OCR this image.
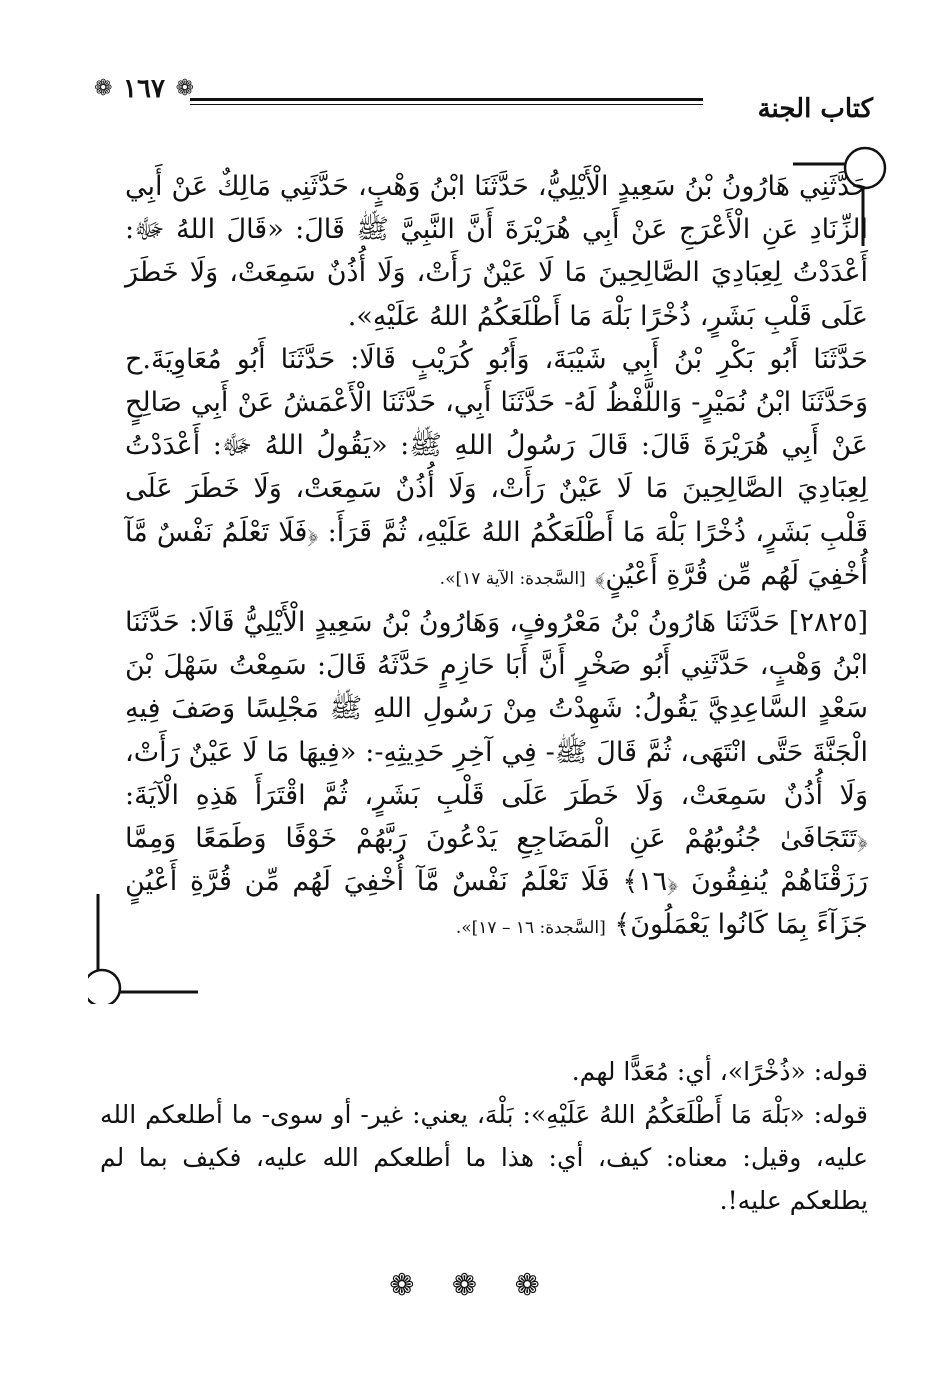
كتاب الجنة
❁ ١٦٧ ❁

حَدَّثَنِي هَارُونُ بْنُ سَعِيدٍ الْأَيْلِيُّ، حَدَّثَنَا ابْنُ وَهْبٍ، حَدَّثَنِي مَالِكٌ عَنْ أَبِي الزِّنَادِ عَنِ الْأَعْرَجِ عَنْ أَبِي هُرَيْرَةَ أَنَّ النَّبِيَّ ﷺ قَالَ: «قَالَ اللهُ ﷻ: أَعْدَدْتُ لِعِبَادِيَ الصَّالِحِينَ مَا لَا عَيْنٌ رَأَتْ، وَلَا أُذُنٌ سَمِعَتْ، وَلَا خَطَرَ عَلَى قَلْبِ بَشَرٍ، ذُخْرًا بَلْهَ مَا أَطْلَعَكُمُ اللهُ عَلَيْهِ».

حَدَّثَنَا أَبُو بَكْرِ بْنُ أَبِي شَيْبَةَ، وَأَبُو كُرَيْبٍ قَالَا: حَدَّثَنَا أَبُو مُعَاوِيَةَ.ح وَحَدَّثَنَا ابْنُ نُمَيْرٍ- وَاللَّفْظُ لَهُ- حَدَّثَنَا أَبِي، حَدَّثَنَا الْأَعْمَشُ عَنْ أَبِي صَالِحٍ عَنْ أَبِي هُرَيْرَةَ قَالَ: قَالَ رَسُولُ اللهِ ﷺ: «يَقُولُ اللهُ ﷻ: أَعْدَدْتُ لِعِبَادِيَ الصَّالِحِينَ مَا لَا عَيْنٌ رَأَتْ، وَلَا أُذُنٌ سَمِعَتْ، وَلَا خَطَرَ عَلَى قَلْبِ بَشَرٍ، ذُخْرًا بَلْهَ مَا أَطْلَعَكُمُ اللهُ عَلَيْهِ، ثُمَّ قَرَأَ: ﴿فَلَا تَعْلَمُ نَفْسٌ مَّآ أُخْفِيَ لَهُم مِّن قُرَّةِ أَعْيُنٍ﴾ [السَّجدة: الآية ١٧]».

[٢٨٢٥] حَدَّثَنَا هَارُونُ بْنُ مَعْرُوفٍ، وَهَارُونُ بْنُ سَعِيدٍ الْأَيْلِيُّ قَالَا: حَدَّثَنَا ابْنُ وَهْبٍ، حَدَّثَنِي أَبُو صَخْرٍ أَنَّ أَبَا حَازِمٍ حَدَّثَهُ قَالَ: سَمِعْتُ سَهْلَ بْنَ سَعْدٍ السَّاعِدِيَّ يَقُولُ: شَهِدْتُ مِنْ رَسُولِ اللهِ ﷺ مَجْلِسًا وَصَفَ فِيهِ الْجَنَّةَ حَتَّى انْتَهَى، ثُمَّ قَالَ ﷺ- فِي آخِرِ حَدِيثِهِ-: «فِيهَا مَا لَا عَيْنٌ رَأَتْ، وَلَا أُذُنٌ سَمِعَتْ، وَلَا خَطَرَ عَلَى قَلْبِ بَشَرٍ، ثُمَّ اقْتَرَأَ هَذِهِ الْآيَةَ: ﴿تَتَجَافَىٰ جُنُوبُهُمْ عَنِ الْمَضَاجِعِ يَدْعُونَ رَبَّهُمْ خَوْفًا وَطَمَعًا وَمِمَّا رَزَقْنَاهُمْ يُنفِقُونَ ﴿١٦﴾ فَلَا تَعْلَمُ نَفْسٌ مَّآ أُخْفِيَ لَهُم مِّن قُرَّةِ أَعْيُنٍ جَزَآءً بِمَا كَانُوا يَعْمَلُونَ﴾ [السَّجدة: ١٦ – ١٧]».

قوله: «ذُخْرًا»، أي: مُعَدًّا لهم.

قوله: «بَلْهَ مَا أَطْلَعَكُمُ اللهُ عَلَيْهِ»: بَلْهَ، يعني: غير- أو سوى- ما أطلعكم الله عليه، وقيل: معناه: كيف، أي: هذا ما أطلعكم الله عليه، فكيف بما لم يطلعكم عليه!.

❁ ❁ ❁
